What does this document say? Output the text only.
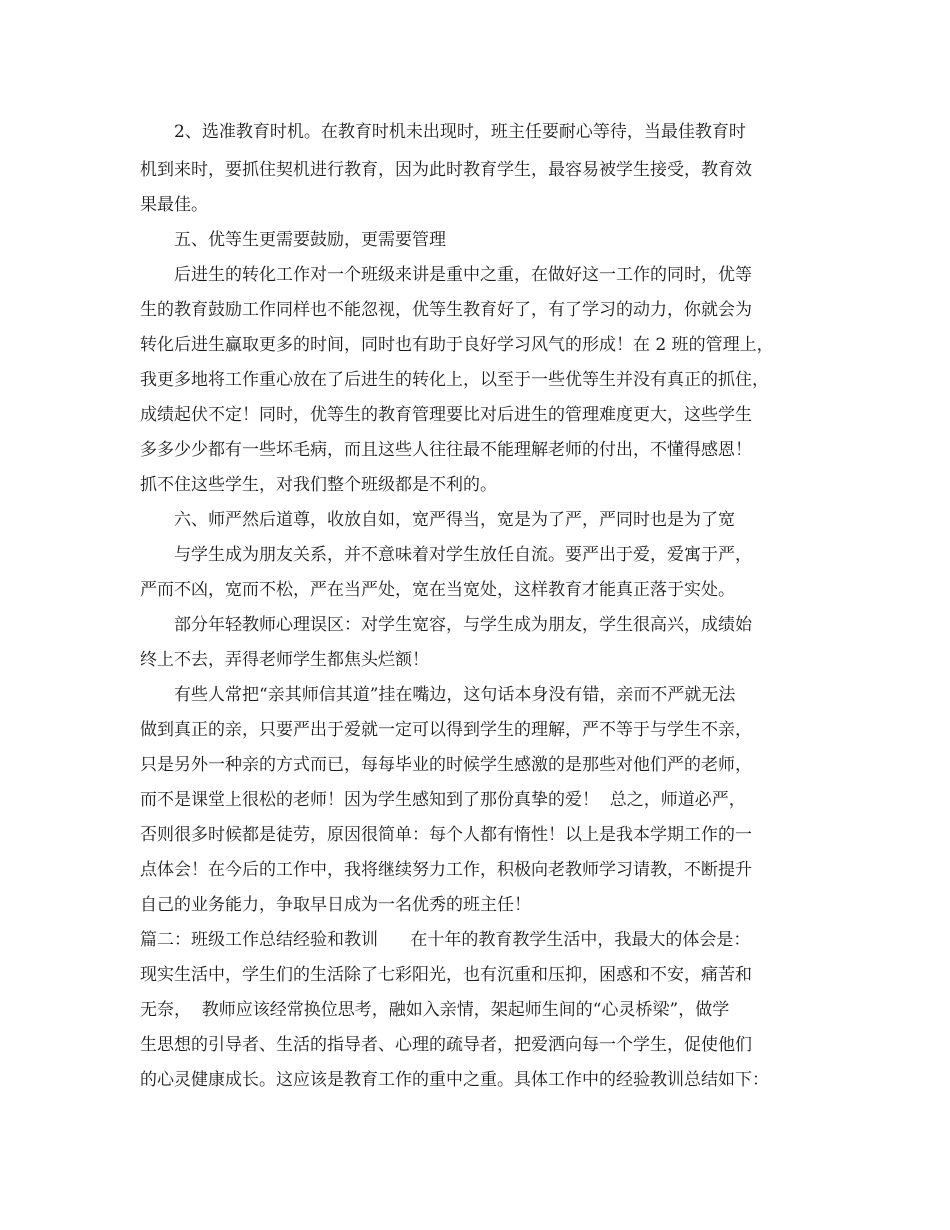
2、选准教育时机。在教育时机未出现时，班主任要耐心等待，当最佳教育时
机到来时，要抓住契机进行教育，因为此时教育学生，最容易被学生接受，教育效
果最佳。
五、优等生更需要鼓励，更需要管理
后进生的转化工作对一个班级来讲是重中之重，在做好这一工作的同时，优等
生的教育鼓励工作同样也不能忽视，优等生教育好了，有了学习的动力，你就会为
转化后进生赢取更多的时间，同时也有助于良好学习风气的形成！在 2 班的管理上，
我更多地将工作重心放在了后进生的转化上，以至于一些优等生并没有真正的抓住，
成绩起伏不定！同时，优等生的教育管理要比对后进生的管理难度更大，这些学生
多多少少都有一些坏毛病，而且这些人往往最不能理解老师的付出，不懂得感恩！
抓不住这些学生，对我们整个班级都是不利的。
六、师严然后道尊，收放自如，宽严得当，宽是为了严，严同时也是为了宽
与学生成为朋友关系，并不意味着对学生放任自流。要严出于爱，爱寓于严，
严而不凶，宽而不松，严在当严处，宽在当宽处，这样教育才能真正落于实处。
部分年轻教师心理误区：对学生宽容，与学生成为朋友，学生很高兴，成绩始
终上不去，弄得老师学生都焦头烂额！
有些人常把“亲其师信其道”挂在嘴边，这句话本身没有错，亲而不严就无法
做到真正的亲，只要严出于爱就一定可以得到学生的理解，严不等于与学生不亲，
只是另外一种亲的方式而已，每每毕业的时候学生感激的是那些对他们严的老师，
而不是课堂上很松的老师！因为学生感知到了那份真挚的爱！  总之，师道必严，
否则很多时候都是徒劳，原因很简单：每个人都有惰性！以上是我本学期工作的一
点体会！在今后的工作中，我将继续努力工作，积极向老教师学习请教，不断提升
自己的业务能力，争取早日成为一名优秀的班主任！
篇二：班级工作总结经验和教训      在十年的教育教学生活中，我最大的体会是：
现实生活中，学生们的生活除了七彩阳光，也有沉重和压抑，困惑和不安，痛苦和
无奈，  教师应该经常换位思考，融如入亲情，架起师生间的“心灵桥梁”，做学
生思想的引导者、生活的指导者、心理的疏导者，把爱洒向每一个学生，促使他们
的心灵健康成长。这应该是教育工作的重中之重。具体工作中的经验教训总结如下：
